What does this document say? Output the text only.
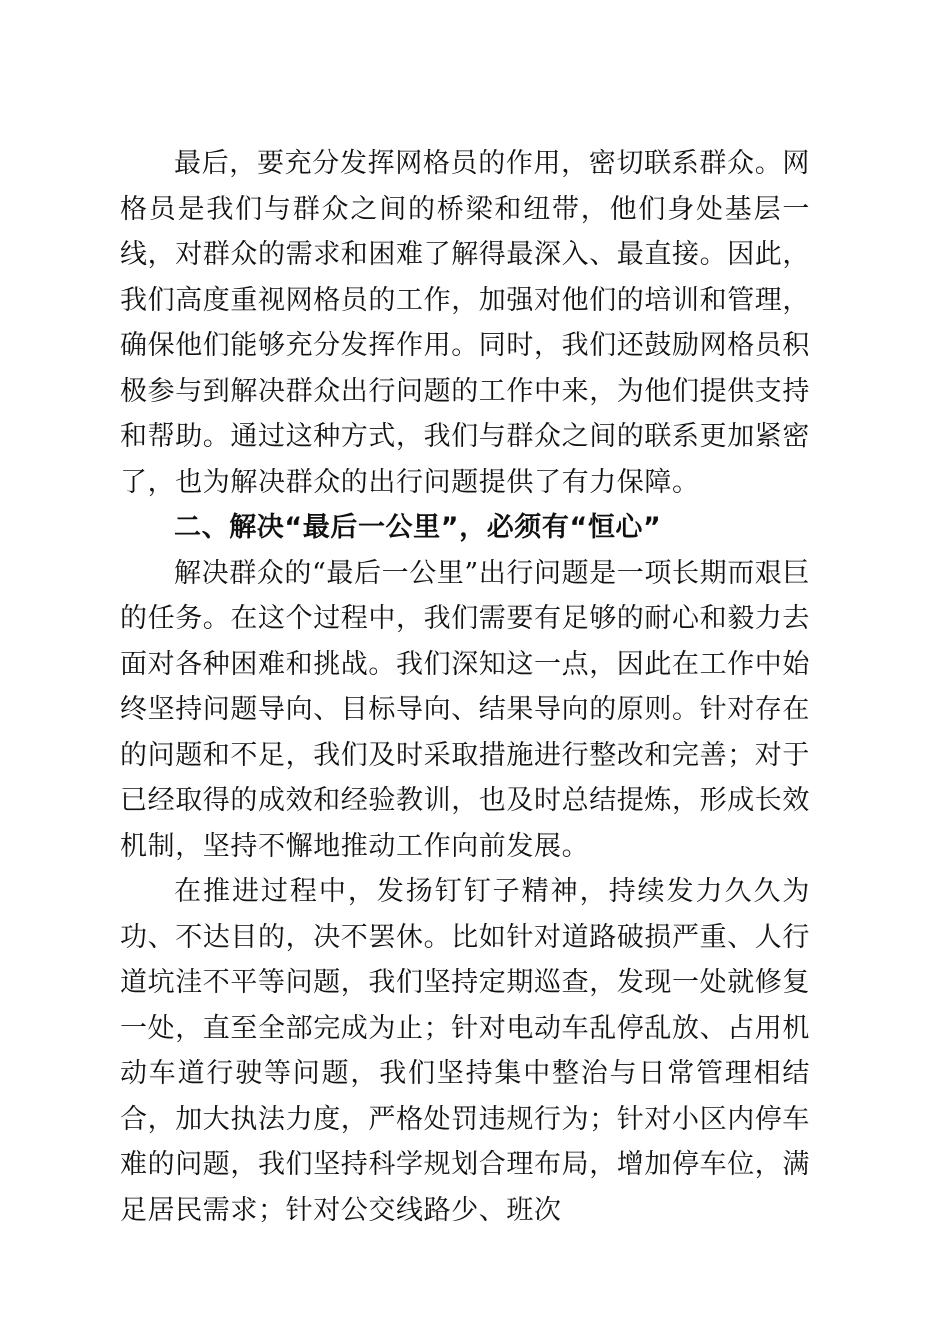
最后，要充分发挥网格员的作用，密切联系群众。网格员是我们与群众之间的桥梁和纽带，他们身处基层一线，对群众的需求和困难了解得最深入、最直接。因此，我们高度重视网格员的工作，加强对他们的培训和管理，确保他们能够充分发挥作用。同时，我们还鼓励网格员积极参与到解决群众出行问题的工作中来，为他们提供支持和帮助。通过这种方式，我们与群众之间的联系更加紧密了，也为解决群众的出行问题提供了有力保障。

二、解决“最后一公里”，必须有“恒心”

解决群众的“最后一公里”出行问题是一项长期而艰巨的任务。在这个过程中，我们需要有足够的耐心和毅力去面对各种困难和挑战。我们深知这一点，因此在工作中始终坚持问题导向、目标导向、结果导向的原则。针对存在的问题和不足，我们及时采取措施进行整改和完善；对于已经取得的成效和经验教训，也及时总结提炼，形成长效机制，坚持不懈地推动工作向前发展。

在推进过程中，发扬钉钉子精神，持续发力久久为功、不达目的，决不罢休。比如针对道路破损严重、人行道坑洼不平等问题，我们坚持定期巡查，发现一处就修复一处，直至全部完成为止；针对电动车乱停乱放、占用机动车道行驶等问题，我们坚持集中整治与日常管理相结合，加大执法力度，严格处罚违规行为；针对小区内停车难的问题，我们坚持科学规划合理布局，增加停车位，满足居民需求；针对公交线路少、班次
